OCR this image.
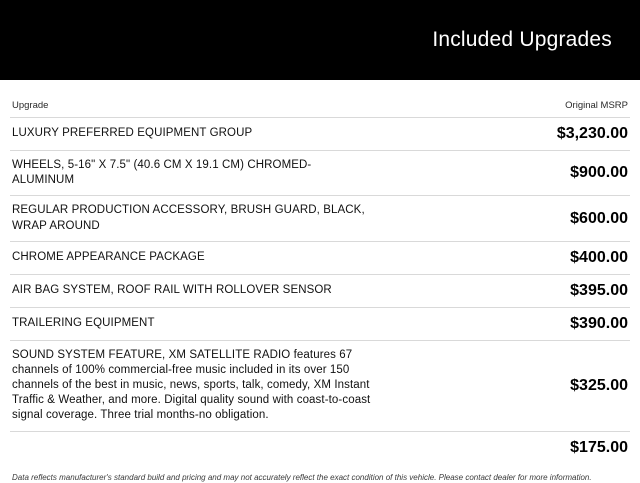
Included Upgrades
Upgrade	Original MSRP
LUXURY PREFERRED EQUIPMENT GROUP	$3,230.00
WHEELS, 5-16" X 7.5" (40.6 CM X 19.1 CM) CHROMED-ALUMINUM	$900.00
REGULAR PRODUCTION ACCESSORY, BRUSH GUARD, BLACK, WRAP AROUND	$600.00
CHROME APPEARANCE PACKAGE	$400.00
AIR BAG SYSTEM, ROOF RAIL WITH ROLLOVER SENSOR	$395.00
TRAILERING EQUIPMENT	$390.00
SOUND SYSTEM FEATURE, XM SATELLITE RADIO features 67 channels of 100% commercial-free music included in its over 150 channels of the best in music, news, sports, talk, comedy, XM Instant Traffic & Weather, and more. Digital quality sound with coast-to-coast signal coverage. Three trial months-no obligation.	$325.00
	$175.00
Data reflects manufacturer's standard build and pricing and may not accurately reflect the exact condition of this vehicle. Please contact dealer for more information.
